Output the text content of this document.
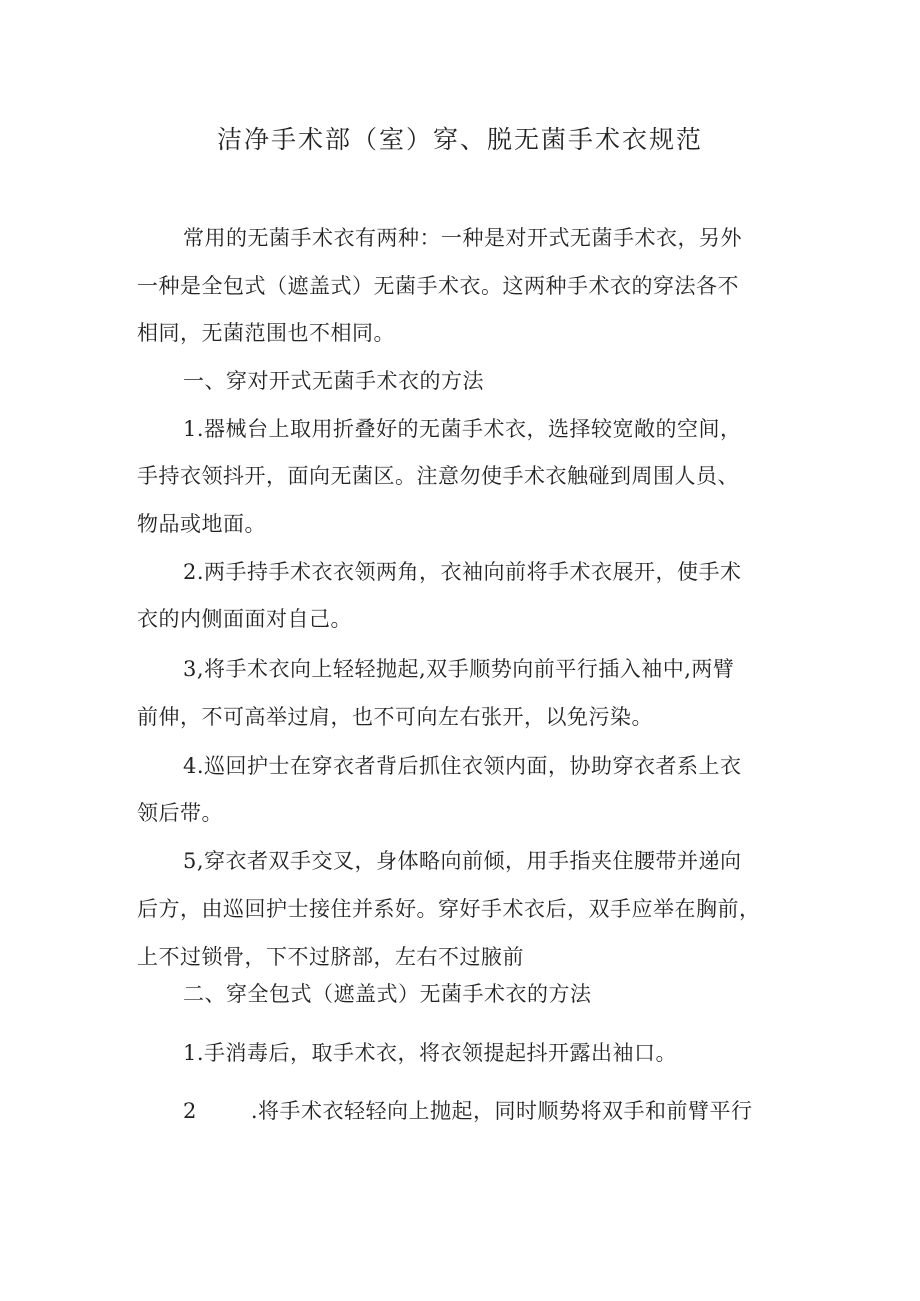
洁净手术部（室）穿、脱无菌手术衣规范
常用的无菌手术衣有两种：一种是对开式无菌手术衣，另外
一种是全包式（遮盖式）无菌手术衣。这两种手术衣的穿法各不
相同，无菌范围也不相同。
一、穿对开式无菌手术衣的方法
1.器械台上取用折叠好的无菌手术衣，选择较宽敞的空间，
手持衣领抖开，面向无菌区。注意勿使手术衣触碰到周围人员、
物品或地面。
2.两手持手术衣衣领两角，衣袖向前将手术衣展开，使手术
衣的内侧面面对自己。
3,将手术衣向上轻轻抛起,双手顺势向前平行插入袖中,两臂
前伸，不可高举过肩，也不可向左右张开，以免污染。
4.巡回护士在穿衣者背后抓住衣领内面，协助穿衣者系上衣
领后带。
5,穿衣者双手交叉，身体略向前倾，用手指夹住腰带并递向
后方，由巡回护士接住并系好。穿好手术衣后，双手应举在胸前，
上不过锁骨，下不过脐部，左右不过腋前
二、穿全包式（遮盖式）无菌手术衣的方法
1.手消毒后，取手术衣，将衣领提起抖开露出袖口。
2	.将手术衣轻轻向上抛起，同时顺势将双手和前臂平行
